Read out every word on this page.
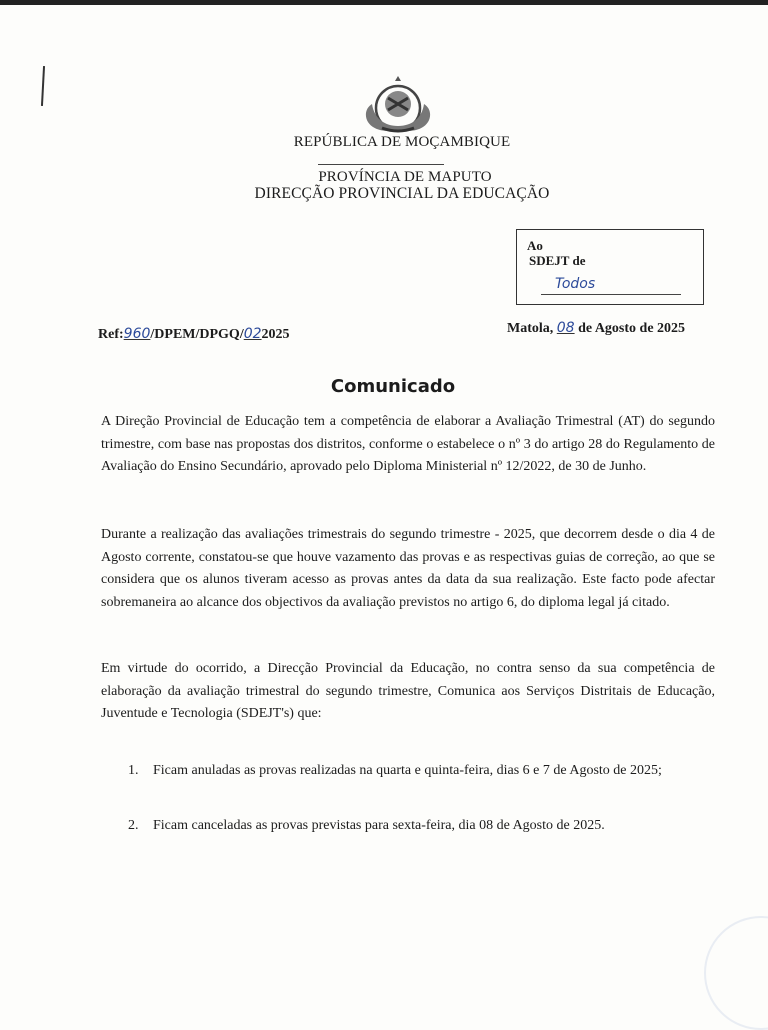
REPÚBLICA DE MOÇAMBIQUE
PROVÍNCIA DE MAPUTO
DIRECÇÃO PROVINCIAL DA EDUCAÇÃO
Ao
SDEJT de
Todos
Ref:960/DPEM/DPGQ/022025	Matola, 08 de Agosto de 2025
Comunicado

A Direção Provincial de Educação tem a competência de elaborar a Avaliação Trimestral (AT) do segundo trimestre, com base nas propostas dos distritos, conforme o estabelece o nº 3 do artigo 28 do Regulamento de Avaliação do Ensino Secundário, aprovado pelo Diploma Ministerial nº 12/2022, de 30 de Junho.

Durante a realização das avaliações trimestrais do segundo trimestre - 2025, que decorrem desde o dia 4 de Agosto corrente, constatou-se que houve vazamento das provas e as respectivas guias de correção, ao que se considera que os alunos tiveram acesso as provas antes da data da sua realização. Este facto pode afectar sobremaneira ao alcance dos objectivos da avaliação previstos no artigo 6, do diploma legal já citado.

Em virtude do ocorrido, a Direcção Provincial da Educação, no contra senso da sua competência de elaboração da avaliação trimestral do segundo trimestre, Comunica aos Serviços Distritais de Educação, Juventude e Tecnologia (SDEJT's) que:

1. Ficam anuladas as provas realizadas na quarta e quinta-feira, dias 6 e 7 de Agosto de 2025;
2. Ficam canceladas as provas previstas para sexta-feira, dia 08 de Agosto de 2025.
